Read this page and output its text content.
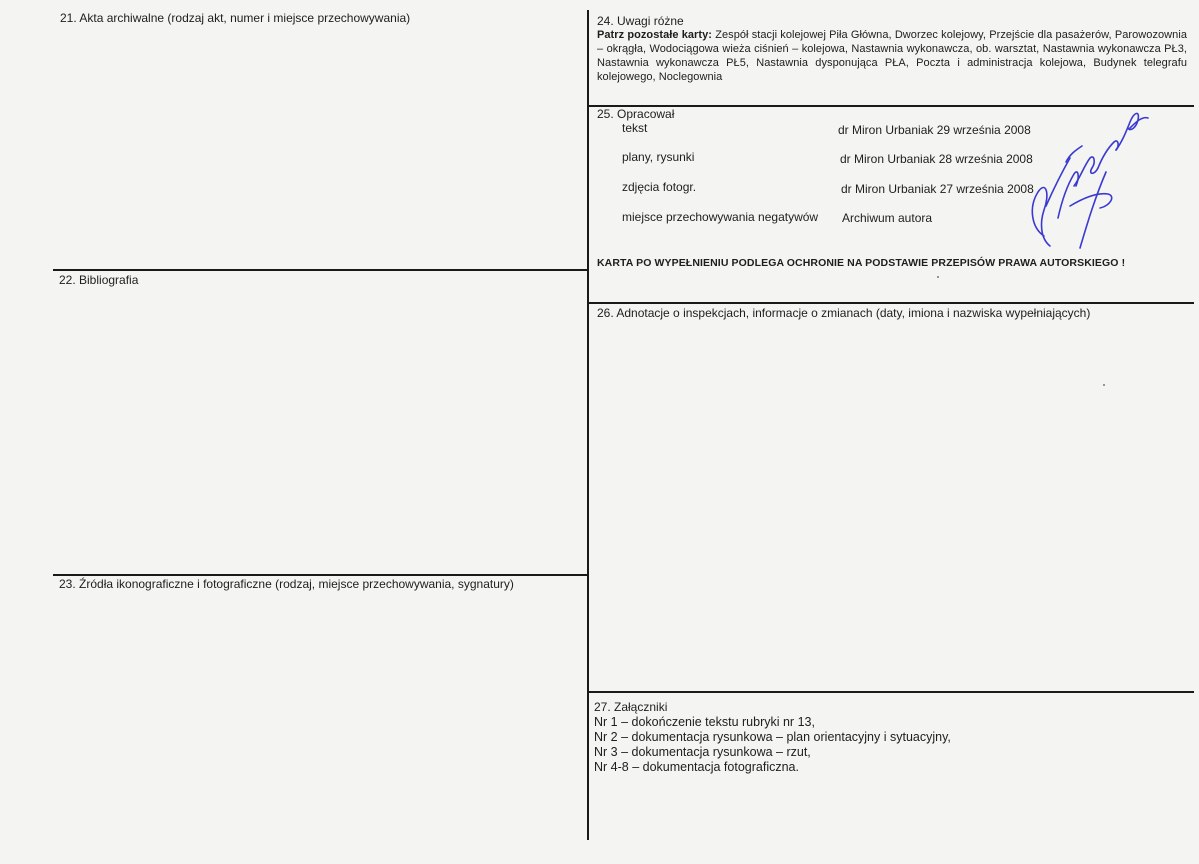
21. Akta archiwalne (rodzaj akt, numer i miejsce przechowywania)
22. Bibliografia
23. Źródła ikonograficzne i fotograficzne (rodzaj, miejsce przechowywania, sygnatury)
24. Uwagi różne
Patrz pozostałe karty: Zespół stacji kolejowej Piła Główna, Dworzec kolejowy, Przejście dla pasażerów, Parowozownia – okrągła, Wodociągowa wieża ciśnień – kolejowa, Nastawnia wykonawcza, ob. warsztat, Nastawnia wykonawcza PŁ3, Nastawnia wykonawcza PŁ5, Nastawnia dysponująca PŁA, Poczta i administracja kolejowa, Budynek telegrafu kolejowego, Noclegownia
25. Opracował
tekst	dr Miron Urbaniak 29 września 2008
plany, rysunki	dr Miron Urbaniak 28 września 2008
zdjęcia fotogr.	dr Miron Urbaniak 27 września 2008
miejsce przechowywania negatywów Archiwum autora
KARTA PO WYPEŁNIENIU PODLEGA OCHRONIE NA PODSTAWIE PRZEPISÓW PRAWA AUTORSKIEGO !
26. Adnotacje o inspekcjach, informacje o zmianach (daty, imiona i nazwiska wypełniających)
27. Załączniki
Nr 1 – dokończenie tekstu rubryki nr 13,
Nr 2 – dokumentacja rysunkowa – plan orientacyjny i sytuacyjny,
Nr 3 – dokumentacja rysunkowa – rzut,
Nr 4-8 – dokumentacja fotograficzna.
